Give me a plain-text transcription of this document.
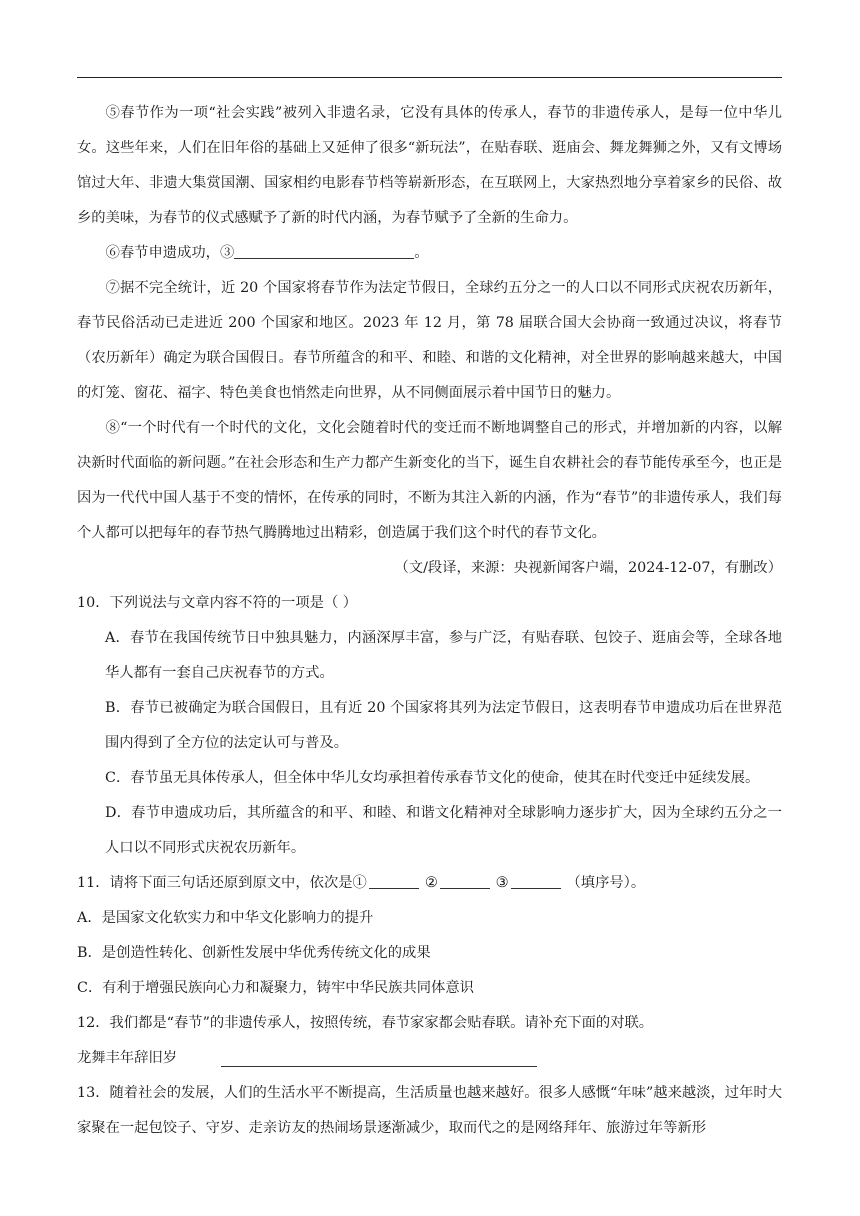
⑤春节作为一项“社会实践”被列入非遗名录，它没有具体的传承人，春节的非遗传承人，是每一位中华儿女。这些年来，人们在旧年俗的基础上又延伸了很多“新玩法”，在贴春联、逛庙会、舞龙舞狮之外，又有文博场馆过大年、非遗大集赏国潮、国家相约电影春节档等崭新形态，在互联网上，大家热烈地分享着家乡的民俗、故乡的美味，为春节的仪式感赋予了新的时代内涵，为春节赋予了全新的生命力。

⑥春节申遗成功，③	。

⑦据不完全统计，近 20 个国家将春节作为法定节假日，全球约五分之一的人口以不同形式庆祝农历新年，春节民俗活动已走进近 200 个国家和地区。2023 年 12 月，第 78 届联合国大会协商一致通过决议，将春节（农历新年）确定为联合国假日。春节所蕴含的和平、和睦、和谐的文化精神，对全世界的影响越来越大，中国的灯笼、窗花、福字、特色美食也悄然走向世界，从不同侧面展示着中国节日的魅力。

⑧“一个时代有一个时代的文化，文化会随着时代的变迁而不断地调整自己的形式，并增加新的内容，以解决新时代面临的新问题。”在社会形态和生产力都产生新变化的当下，诞生自农耕社会的春节能传承至今，也正是因为一代代中国人基于不变的情怀，在传承的同时，不断为其注入新的内涵，作为“春节”的非遗传承人，我们每个人都可以把每年的春节热气腾腾地过出精彩，创造属于我们这个时代的春节文化。

（文/段译，来源：央视新闻客户端，2024-12-07，有删改）

10．下列说法与文章内容不符的一项是（ ）

A．春节在我国传统节日中独具魅力，内涵深厚丰富，参与广泛，有贴春联、包饺子、逛庙会等，全球各地华人都有一套自己庆祝春节的方式。

B．春节已被确定为联合国假日，且有近 20 个国家将其列为法定节假日，这表明春节申遗成功后在世界范围内得到了全方位的法定认可与普及。

C．春节虽无具体传承人，但全体中华儿女均承担着传承春节文化的使命，使其在时代变迁中延续发展。

D．春节申遗成功后，其所蕴含的和平、和睦、和谐文化精神对全球影响力逐步扩大，因为全球约五分之一人口以不同形式庆祝农历新年。

11．请将下面三句话还原到原文中，依次是①	②	③	（填序号）。

A．是国家文化软实力和中华文化影响力的提升

B．是创造性转化、创新性发展中华优秀传统文化的成果

C．有利于增强民族向心力和凝聚力，铸牢中华民族共同体意识

12．我们都是“春节”的非遗传承人，按照传统，春节家家都会贴春联。请补充下面的对联。

龙舞丰年辞旧岁

13．随着社会的发展，人们的生活水平不断提高，生活质量也越来越好。很多人感慨“年味”越来越淡，过年时大家聚在一起包饺子、守岁、走亲访友的热闹场景逐渐减少，取而代之的是网络拜年、旅游过年等新形
